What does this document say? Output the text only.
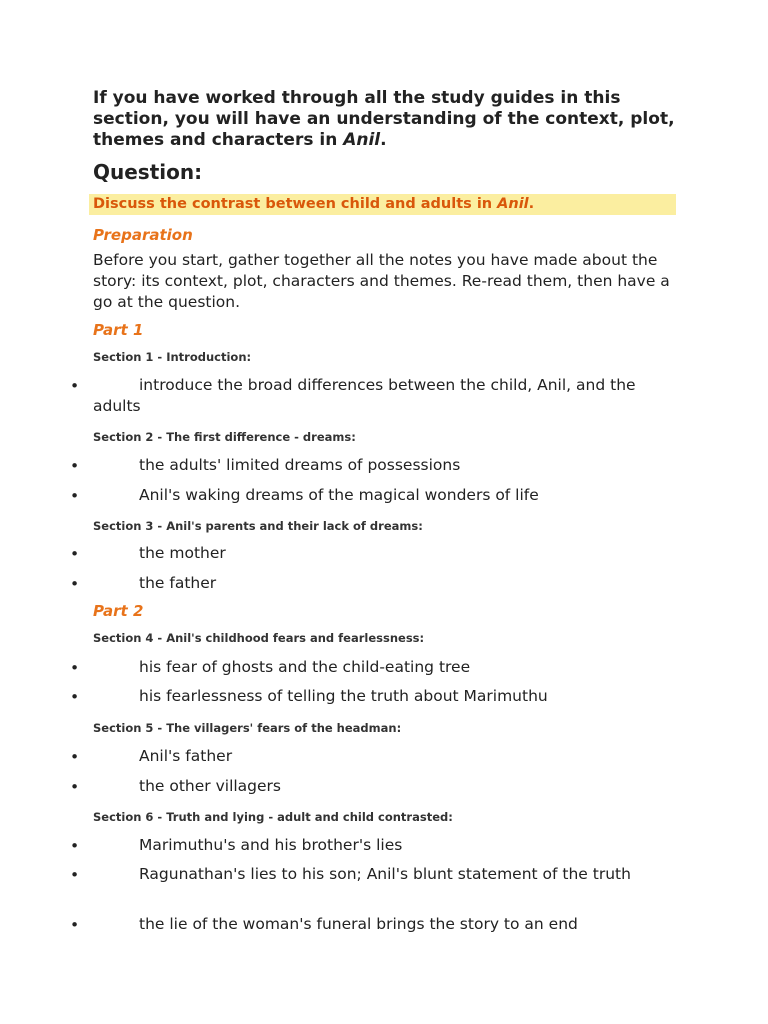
If you have worked through all the study guides in this section, you will have an understanding of the context, plot, themes and characters in Anil.
Question:
Discuss the contrast between child and adults in Anil.
Preparation

Before you start, gather together all the notes you have made about the story: its context, plot, characters and themes. Re-read them, then have a go at the question.

Part 1

Section 1 - Introduction:

•	introduce the broad differences between the child, Anil, and the adults

Section 2 - The first difference - dreams:

•	the adults' limited dreams of possessions
•	Anil's waking dreams of the magical wonders of life

Section 3 - Anil's parents and their lack of dreams:

•	the mother
•	the father
Part 2

Section 4 - Anil's childhood fears and fearlessness:

•	his fear of ghosts and the child-eating tree
•	his fearlessness of telling the truth about Marimuthu

Section 5 - The villagers' fears of the headman:

•	Anil's father
•	the other villagers

Section 6 - Truth and lying - adult and child contrasted:

•	Marimuthu's and his brother's lies
•	Ragunathan's lies to his son; Anil's blunt statement of the truth
•	the lie of the woman's funeral brings the story to an end
